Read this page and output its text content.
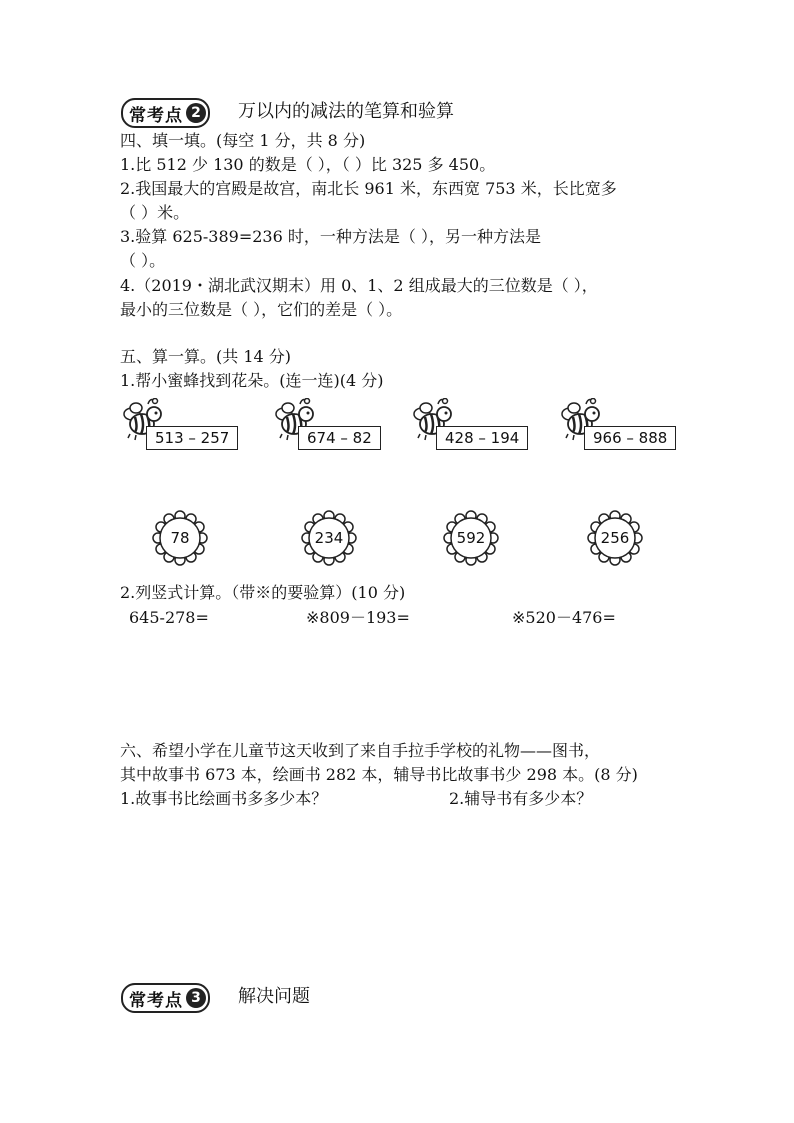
常考点 2 万以内的减法的笔算和验算
四、填一填。(每空 1 分，共 8 分)
1.比 512 少 130 的数是（ ），（ ）比 325 多 450。
2.我国最大的宫殿是故宫，南北长 961 米，东西宽 753 米，长比宽多
（ ）米。
3.验算 625-389=236 时，一种方法是（ ），另一种方法是
（ ）。
4.（2019・湖北武汉期末）用 0、1、2 组成最大的三位数是（ ），
最小的三位数是（ ），它们的差是（ ）。
五、算一算。(共 14 分)
1.帮小蜜蜂找到花朵。(连一连)(4 分)
513 – 257	674 – 82	428 – 194	966 – 888
78	234	592	256
2.列竖式计算。（带※的要验算）(10 分)
645-278=	※809－193=	※520－476=
六、希望小学在儿童节这天收到了来自手拉手学校的礼物——图书，
其中故事书 673 本，绘画书 282 本，辅导书比故事书少 298 本。(8 分)
1.故事书比绘画书多多少本？	2.辅导书有多少本？
常考点 3 解决问题
